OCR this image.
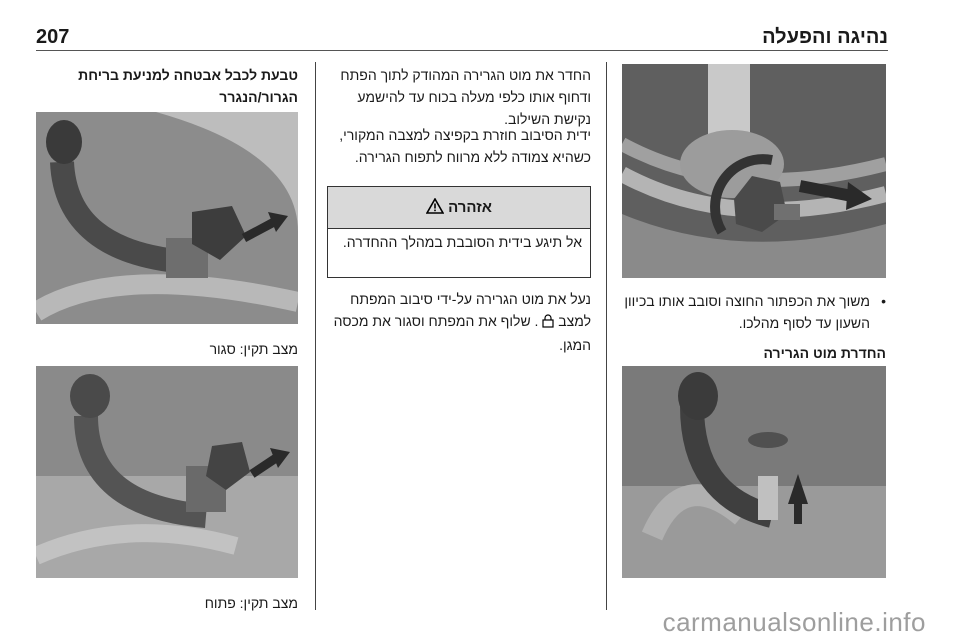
נהיגה והפעלה
207
•
משוך את הכפתור החוצה וסובב אותו בכיוון השעון עד לסוף מהלכו.
החדרת מוט הגרירה
החדר את מוט הגרירה המהודק לתוך הפתח ודחוף אותו כלפי מעלה בכוח עד להישמע נקישת השילוב.
ידית הסיבוב חוזרת בקפיצה למצבה המקורי, כשהיא צמודה ללא מרווח לתפוח הגרירה.
אזהרה
אל תיגע בידית הסובבת במהלך ההחדרה.
נעל את מוט הגרירה על-ידי סיבוב המפתח למצב  . שלוף את המפתח וסגור את מכסה המגן.
טבעת לכבל אבטחה למניעת בריחת הגרור/הנגרר
מצב תקין: סגור
מצב תקין: פתוח
carmanualsonline.info
